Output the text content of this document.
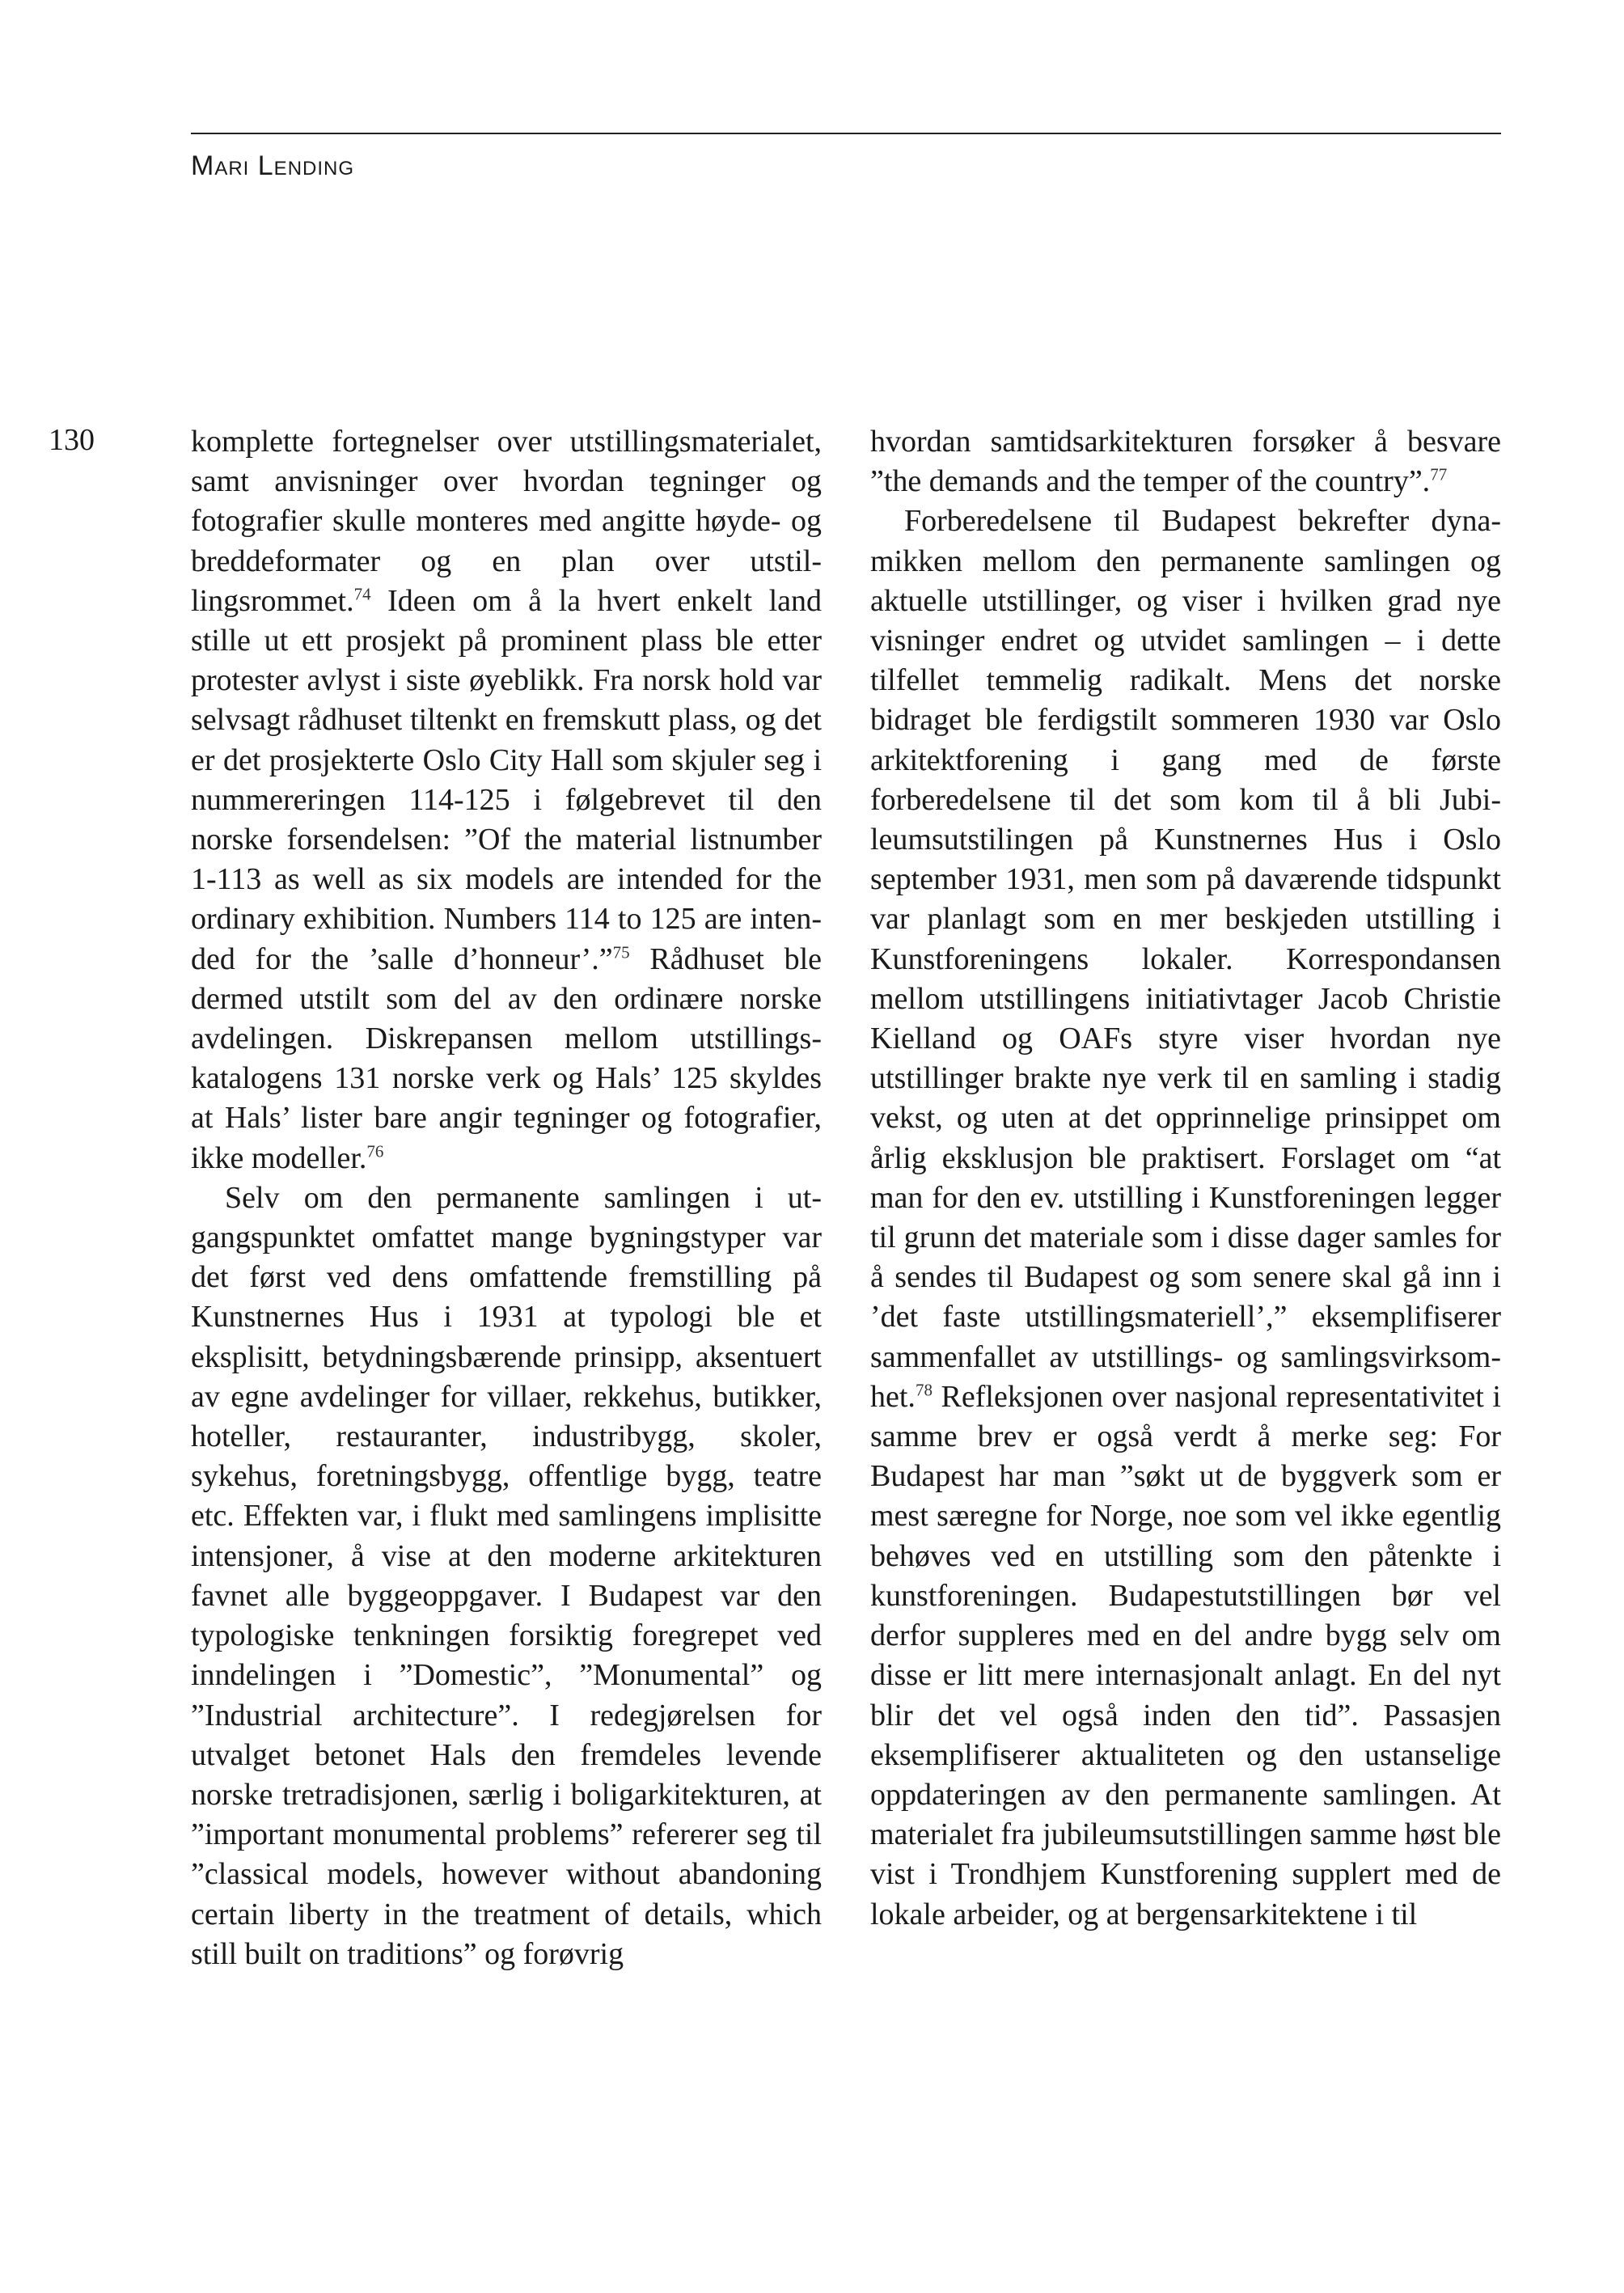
Mari Lending
130	komplette fortegnelser over utstillingsmaterialet, samt anvisninger over hvordan tegninger og fotografier skulle monteres med angitte høyde- og breddeformater og en plan over utstillingsrommet.$^{74}$ Ideen om å la hvert enkelt land stille ut ett prosjekt på prominent plass ble etter protester avlyst i siste øyeblikk. Fra norsk hold var selvsagt rådhuset tiltenkt en fremskutt plass, og det er det prosjekterte Oslo City Hall som skjuler seg i nummereringen 114-125 i følgebrevet til den norske forsendelsen: ”Of the material listnumber 1-113 as well as six models are intended for the ordinary exhibition. Numbers 114 to 125 are intended for the ’salle d’honneur’.”$^{75}$ Rådhuset ble dermed utstilt som del av den ordinære norske avdelingen. Diskrepansen mellom utstillingskatalogens 131 norske verk og Hals’ 125 skyldes at Hals’ lister bare angir tegninger og fotografier, ikke modeller.$^{76}$

Selv om den permanente samlingen i utgangspunktet omfattet mange bygningstyper var det først ved dens omfattende fremstilling på Kunstnernes Hus i 1931 at typologi ble et eksplisitt, betydningsbærende prinsipp, aksentuert av egne avdelinger for villaer, rekkehus, butikker, hoteller, restauranter, industribygg, skoler, sykehus, foretningsbygg, offentlige bygg, teatre etc. Effekten var, i flukt med samlingens implisitte intensjoner, å vise at den moderne arkitekturen favnet alle byggeoppgaver. I Budapest var den typologiske tenkningen forsiktig foregrepet ved inndelingen i ”Domestic”, ”Monumental” og ”Industrial architecture”. I redegjørelsen for utvalget betonet Hals den fremdeles levende norske tretradisjonen, særlig i boligarkitekturen, at ”important monumental problems” refererer seg til ”classical models, however without abandoning certain liberty in the treatment of details, which still built on traditions” og forøvrig

hvordan samtidsarkitekturen forsøker å besvare ”the demands and the temper of the country”.$^{77}$

Forberedelsene til Budapest bekrefter dynamikken mellom den permanente samlingen og aktuelle utstillinger, og viser i hvilken grad nye visninger endret og utvidet samlingen – i dette tilfellet temmelig radikalt. Mens det norske bidraget ble ferdigstilt sommeren 1930 var Oslo arkitektforening i gang med de første forberedelsene til det som kom til å bli Jubileumsutstilingen på Kunstnernes Hus i Oslo september 1931, men som på daværende tidspunkt var planlagt som en mer beskjeden utstilling i Kunstforeningens lokaler. Korrespondansen mellom utstillingens initiativtager Jacob Christie Kielland og OAFs styre viser hvordan nye utstillinger brakte nye verk til en samling i stadig vekst, og uten at det opprinnelige prinsippet om årlig eksklusjon ble praktisert. Forslaget om “at man for den ev. utstilling i Kunstforeningen legger til grunn det materiale som i disse dager samles for å sendes til Budapest og som senere skal gå inn i ’det faste utstillingsmateriell’,” eksemplifiserer sammenfallet av utstillings- og samlingsvirksomhet.$^{78}$ Refleksjonen over nasjonal representativitet i samme brev er også verdt å merke seg: For Budapest har man ”søkt ut de byggverk som er mest særegne for Norge, noe som vel ikke egentlig behøves ved en utstilling som den påtenkte i kunstforeningen. Budapestutstillingen bør vel derfor suppleres med en del andre bygg selv om disse er litt mere internasjonalt anlagt. En del nyt blir det vel også inden den tid”. Passasjen eksemplifiserer aktualiteten og den ustanselige oppdateringen av den permanente samlingen. At materialet fra jubileumsutstillingen samme høst ble vist i Trondhjem Kunstforening supplert med de lokale arbeider, og at bergensarkitektene i til
